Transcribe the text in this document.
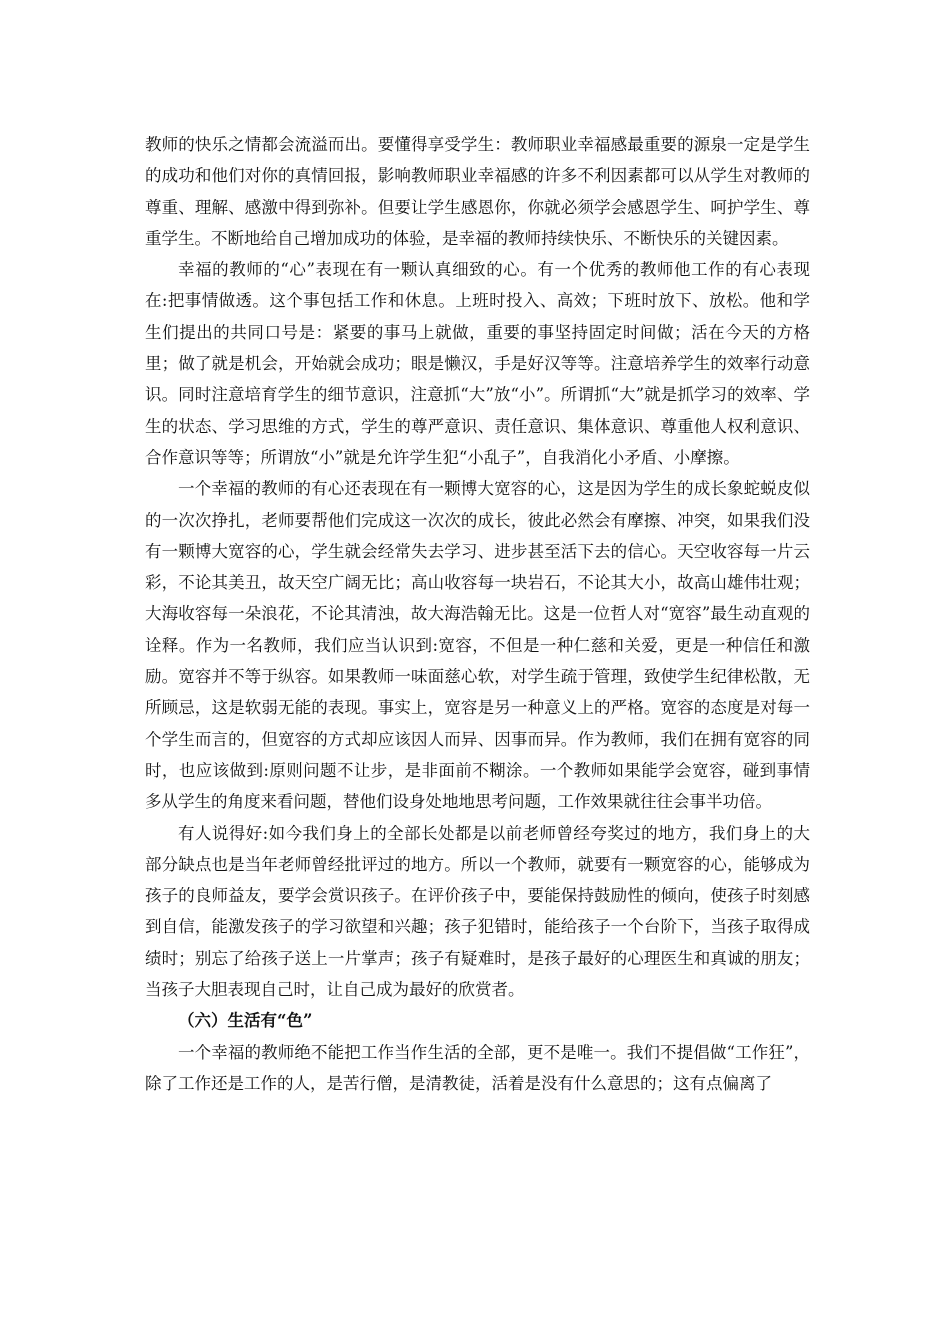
教师的快乐之情都会流溢而出。要懂得享受学生：教师职业幸福感最重要的源泉一定是学生的成功和他们对你的真情回报，影响教师职业幸福感的许多不利因素都可以从学生对教师的尊重、理解、感激中得到弥补。但要让学生感恩你，你就必须学会感恩学生、呵护学生、尊重学生。不断地给自己增加成功的体验，是幸福的教师持续快乐、不断快乐的关键因素。

幸福的教师的“心”表现在有一颗认真细致的心。有一个优秀的教师他工作的有心表现在:把事情做透。这个事包括工作和休息。上班时投入、高效；下班时放下、放松。他和学生们提出的共同口号是：紧要的事马上就做，重要的事坚持固定时间做；活在今天的方格里；做了就是机会，开始就会成功；眼是懒汉，手是好汉等等。注意培养学生的效率行动意识。同时注意培育学生的细节意识，注意抓“大”放“小”。所谓抓“大”就是抓学习的效率、学生的状态、学习思维的方式，学生的尊严意识、责任意识、集体意识、尊重他人权利意识、合作意识等等；所谓放“小”就是允许学生犯“小乱子”，自我消化小矛盾、小摩擦。

一个幸福的教师的有心还表现在有一颗博大宽容的心，这是因为学生的成长象蛇蜕皮似的一次次挣扎，老师要帮他们完成这一次次的成长，彼此必然会有摩擦、冲突，如果我们没有一颗博大宽容的心，学生就会经常失去学习、进步甚至活下去的信心。天空收容每一片云彩，不论其美丑，故天空广阔无比；高山收容每一块岩石，不论其大小，故高山雄伟壮观；大海收容每一朵浪花，不论其清浊，故大海浩翰无比。这是一位哲人对“宽容”最生动直观的诠释。作为一名教师，我们应当认识到:宽容，不但是一种仁慈和关爱，更是一种信任和激励。宽容并不等于纵容。如果教师一味面慈心软，对学生疏于管理，致使学生纪律松散，无所顾忌，这是软弱无能的表现。事实上，宽容是另一种意义上的严格。宽容的态度是对每一个学生而言的，但宽容的方式却应该因人而异、因事而异。作为教师，我们在拥有宽容的同时，也应该做到:原则问题不让步，是非面前不糊涂。一个教师如果能学会宽容，碰到事情多从学生的角度来看问题，替他们设身处地地思考问题，工作效果就往往会事半功倍。

有人说得好:如今我们身上的全部长处都是以前老师曾经夸奖过的地方，我们身上的大部分缺点也是当年老师曾经批评过的地方。所以一个教师，就要有一颗宽容的心，能够成为孩子的良师益友，要学会赏识孩子。在评价孩子中，要能保持鼓励性的倾向，使孩子时刻感到自信，能激发孩子的学习欲望和兴趣；孩子犯错时，能给孩子一个台阶下，当孩子取得成绩时；别忘了给孩子送上一片掌声；孩子有疑难时，是孩子最好的心理医生和真诚的朋友；当孩子大胆表现自己时，让自己成为最好的欣赏者。

（六）生活有“色”

一个幸福的教师绝不能把工作当作生活的全部，更不是唯一。我们不提倡做“工作狂”，除了工作还是工作的人，是苦行僧，是清教徒，活着是没有什么意思的；这有点偏离了
